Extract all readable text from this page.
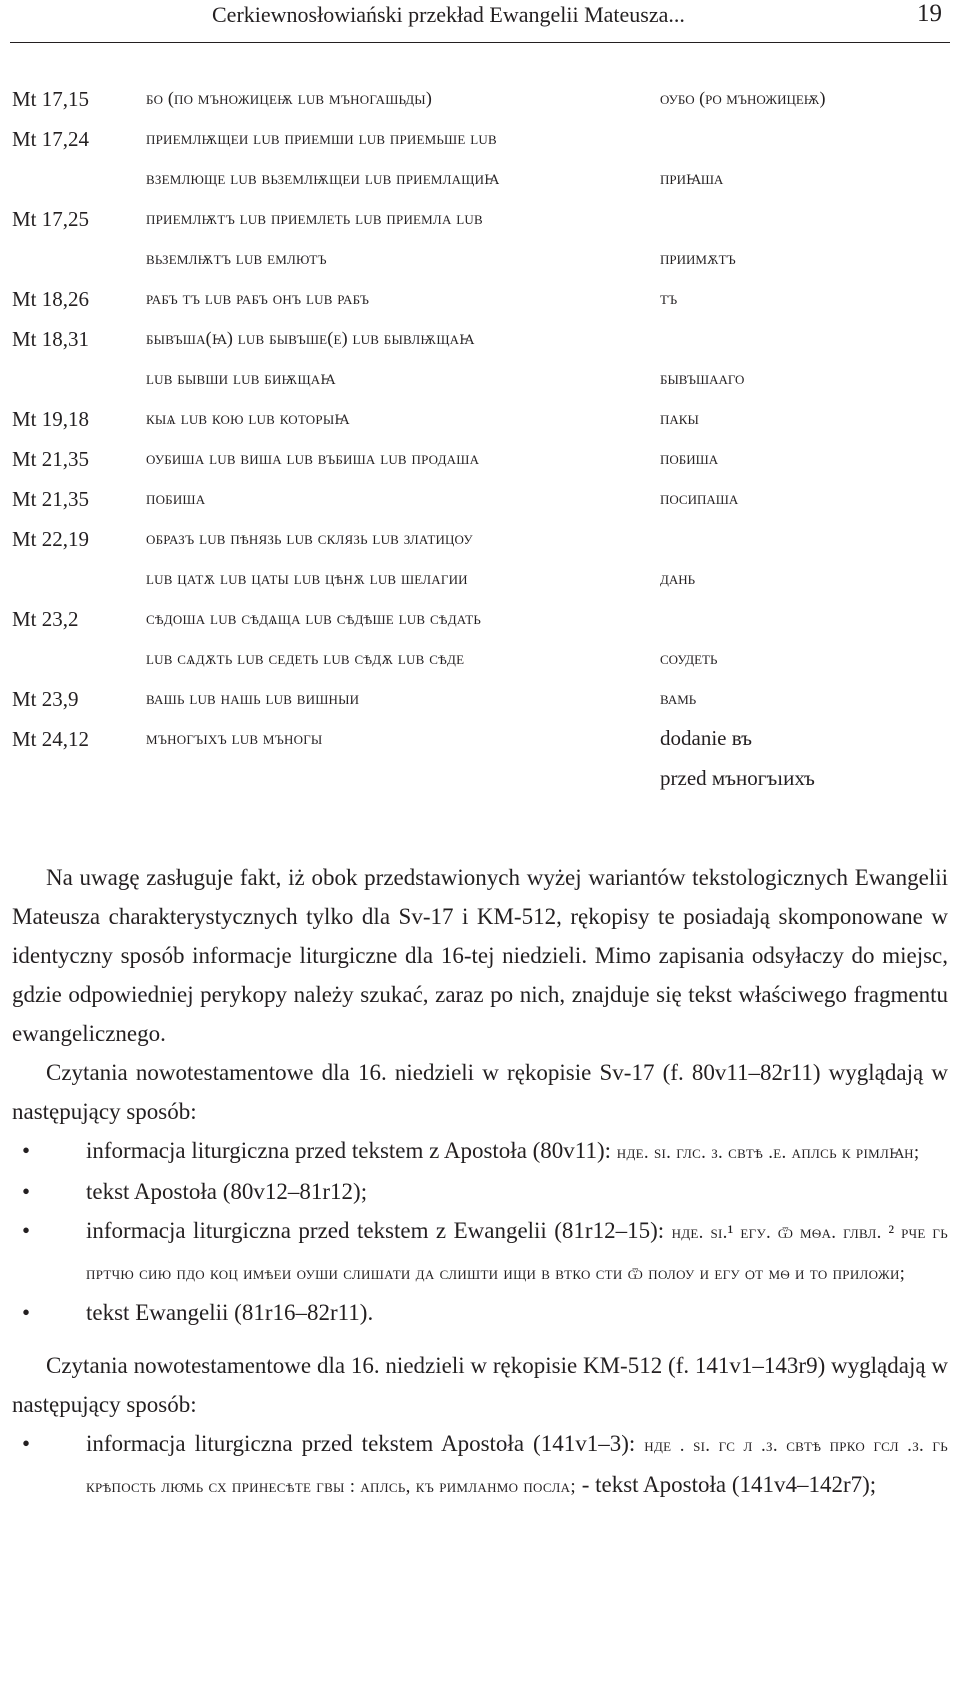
Cerkiewnosłowiański przekład Ewangelii Mateusza...	19
Mt 17,15	бо (по мъножицеѭ lub мъногашьды)	оубо (po мъножицеѭ)
Mt 17,24	приемлѭщеи lub приемши lub приемьше lub
вземлюще lub вьземлѭщеи lub приемлащиꙗ	приꙗша
Mt 17,25	приемлѭтъ lub приемлеть lub приемла lub
вьземлѭтъ lub емлютъ	приимѫтъ
Mt 18,26	рабъ тъ lub рабъ онъ lub рабъ	тъ
Mt 18,31	бывъша(ꙗ) lub бывъше(е) lub бывлѭщаꙗ
lub бывши lub биѭщаꙗ	бывъшааго
Mt 19,18	кыѧ lub кою lub которыꙗ	пакы
Mt 21,35	оубиша lub виша lub въбиша lub продаша	побиша
Mt 21,35	побиша	посипаша
Mt 22,19	образъ lub пѣнязь lub склязь lub златицоу
lub цатѫ lub цаты lub цѣнѫ lub шелагии	дань
Mt 23,2	сѣдоша lub сѣдѧща lub сѣдѣше lub сѣдать
lub сѧдѫть lub седеть lub сѣдѫ lub сѣде	соудеть
Mt 23,9	вашь lub нашь lub вишныи	вамь
Mt 24,12	мъногъıхъ lub мъногы	dodanie въ
przed мъногъıихъ

Na uwagę zasługuje fakt, iż obok przedstawionych wyżej wariantów tekstologicznych Ewangelii Mateusza charakterystycznych tylko dla Sv-17 i KM-512, rękopisy te posiadają skomponowane w identyczny sposób informacje liturgiczne dla 16-tej niedzieli. Mimo zapisania odsyłaczy do miejsc, gdzie odpowiedniej perykopy należy szukać, zaraz po nich, znajduje się tekst właściwego fragmentu ewangelicznego.

Czytania nowotestamentowe dla 16. niedzieli w rękopisie Sv-17 (f. 80v11–82r11) wyglądają w następujący sposób:

• informacja liturgiczna przed tekstem z Apostoła (80v11): нде. ѕı. глс. з. свтѣ .е. аплсь к рімлꙗн;
• tekst Apostoła (80v12–81r12);
• informacja liturgiczna przed tekstem z Ewangelii (81r12–15): нде. ѕı.¹ егу. ѿ мѳа. глвл. ² рче гь пртчю сию пдо коц имѣеи оуши слишати да слишти ищи в втко сти ѿ полоу и егу ѻт мѳ и то приложи;
• tekst Ewangelii (81r16–82r11).

Czytania nowotestamentowe dla 16. niedzieli w rękopisie KM-512 (f. 141v1–143r9) wyglądają w następujący sposób:

• informacja liturgiczna przed tekstem Apostoła (141v1–3): нде . ѕı. гс л .з. свтѣ прко гсл .з. гь крѣпость лю̑мь сх принесѣте гвы : аплсь, къ римланмо посла; - tekst Apostoła (141v4–142r7);
